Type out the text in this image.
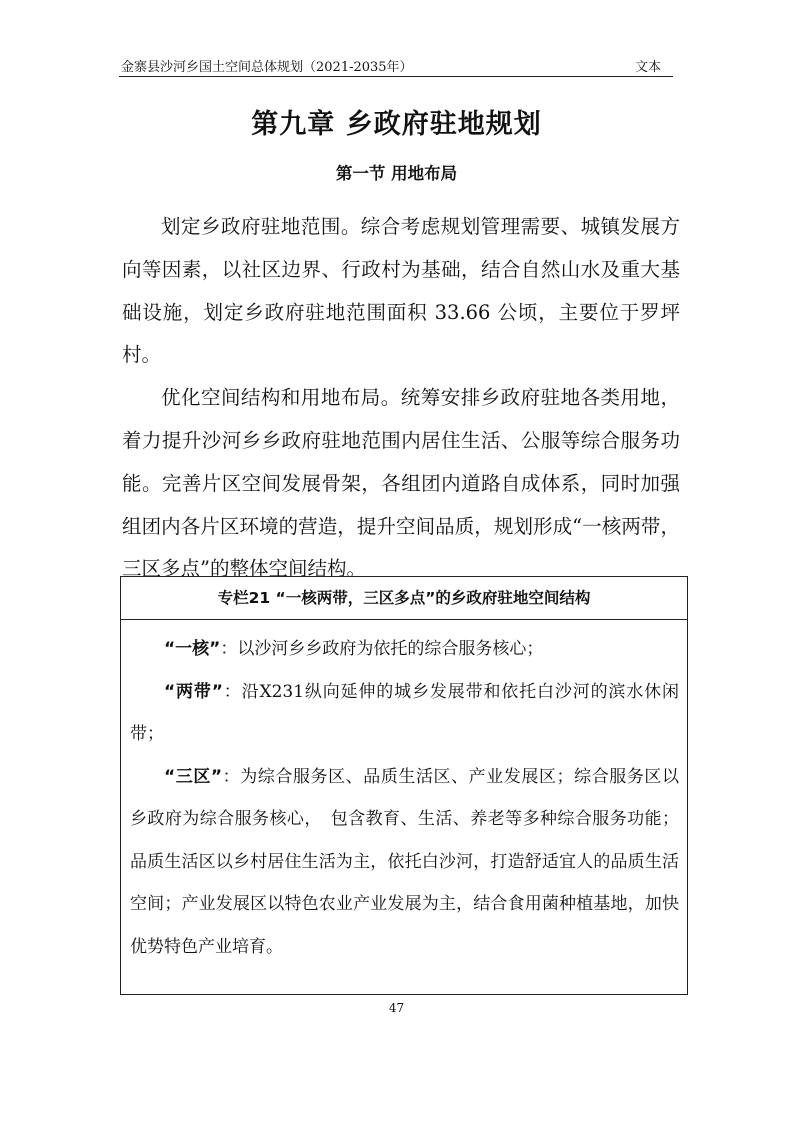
金寨县沙河乡国土空间总体规划（2021-2035年）	文本
第九章 乡政府驻地规划
第一节 用地布局

划定乡政府驻地范围。综合考虑规划管理需要、城镇发展方向等因素，以社区边界、行政村为基础，结合自然山水及重大基础设施，划定乡政府驻地范围面积 33.66 公顷，主要位于罗坪村。

优化空间结构和用地布局。统筹安排乡政府驻地各类用地，着力提升沙河乡乡政府驻地范围内居住生活、公服等综合服务功能。完善片区空间发展骨架，各组团内道路自成体系，同时加强组团内各片区环境的营造，提升空间品质，规划形成“一核两带，三区多点”的整体空间结构。

专栏21 “一核两带，三区多点”的乡政府驻地空间结构

“一核”：以沙河乡乡政府为依托的综合服务核心；

“两带”：沿X231纵向延伸的城乡发展带和依托白沙河的滨水休闲带；

“三区”：为综合服务区、品质生活区、产业发展区；综合服务区以乡政府为综合服务核心，　包含教育、生活、养老等多种综合服务功能；品质生活区以乡村居住生活为主，依托白沙河，打造舒适宜人的品质生活空间；产业发展区以特色农业产业发展为主，结合食用菌种植基地，加快优势特色产业培育。

47
